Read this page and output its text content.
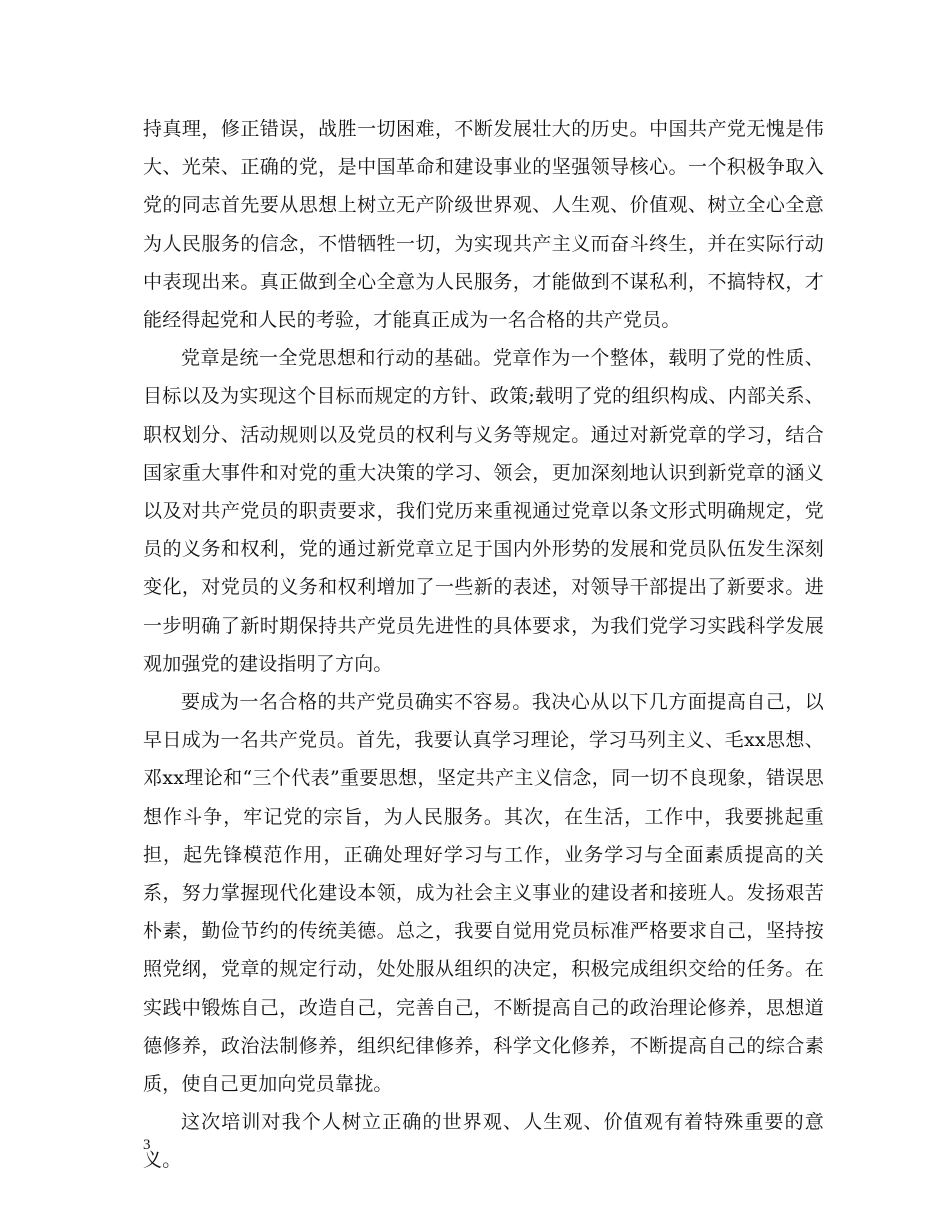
持真理，修正错误，战胜一切困难，不断发展壮大的历史。中国共产党无愧是伟大、光荣、正确的党，是中国革命和建设事业的坚强领导核心。一个积极争取入党的同志首先要从思想上树立无产阶级世界观、人生观、价值观、树立全心全意为人民服务的信念，不惜牺牲一切，为实现共产主义而奋斗终生，并在实际行动中表现出来。真正做到全心全意为人民服务，才能做到不谋私利，不搞特权，才能经得起党和人民的考验，才能真正成为一名合格的共产党员。

党章是统一全党思想和行动的基础。党章作为一个整体，载明了党的性质、目标以及为实现这个目标而规定的方针、政策;载明了党的组织构成、内部关系、职权划分、活动规则以及党员的权利与义务等规定。通过对新党章的学习，结合国家重大事件和对党的重大决策的学习、领会，更加深刻地认识到新党章的涵义以及对共产党员的职责要求，我们党历来重视通过党章以条文形式明确规定，党员的义务和权利，党的通过新党章立足于国内外形势的发展和党员队伍发生深刻变化，对党员的义务和权利增加了一些新的表述，对领导干部提出了新要求。进一步明确了新时期保持共产党员先进性的具体要求，为我们党学习实践科学发展观加强党的建设指明了方向。

要成为一名合格的共产党员确实不容易。我决心从以下几方面提高自己，以早日成为一名共产党员。首先，我要认真学习理论，学习马列主义、毛xx思想、邓xx理论和“三个代表”重要思想，坚定共产主义信念，同一切不良现象，错误思想作斗争，牢记党的宗旨，为人民服务。其次，在生活，工作中，我要挑起重担，起先锋模范作用，正确处理好学习与工作，业务学习与全面素质提高的关系，努力掌握现代化建设本领，成为社会主义事业的建设者和接班人。发扬艰苦朴素，勤俭节约的传统美德。总之，我要自觉用党员标准严格要求自己，坚持按照党纲，党章的规定行动，处处服从组织的决定，积极完成组织交给的任务。在实践中锻炼自己，改造自己，完善自己，不断提高自己的政治理论修养，思想道德修养，政治法制修养，组织纪律修养，科学文化修养，不断提高自己的综合素质，使自己更加向党员靠拢。

这次培训对我个人树立正确的世界观、人生观、价值观有着特殊重要的意义。

3
